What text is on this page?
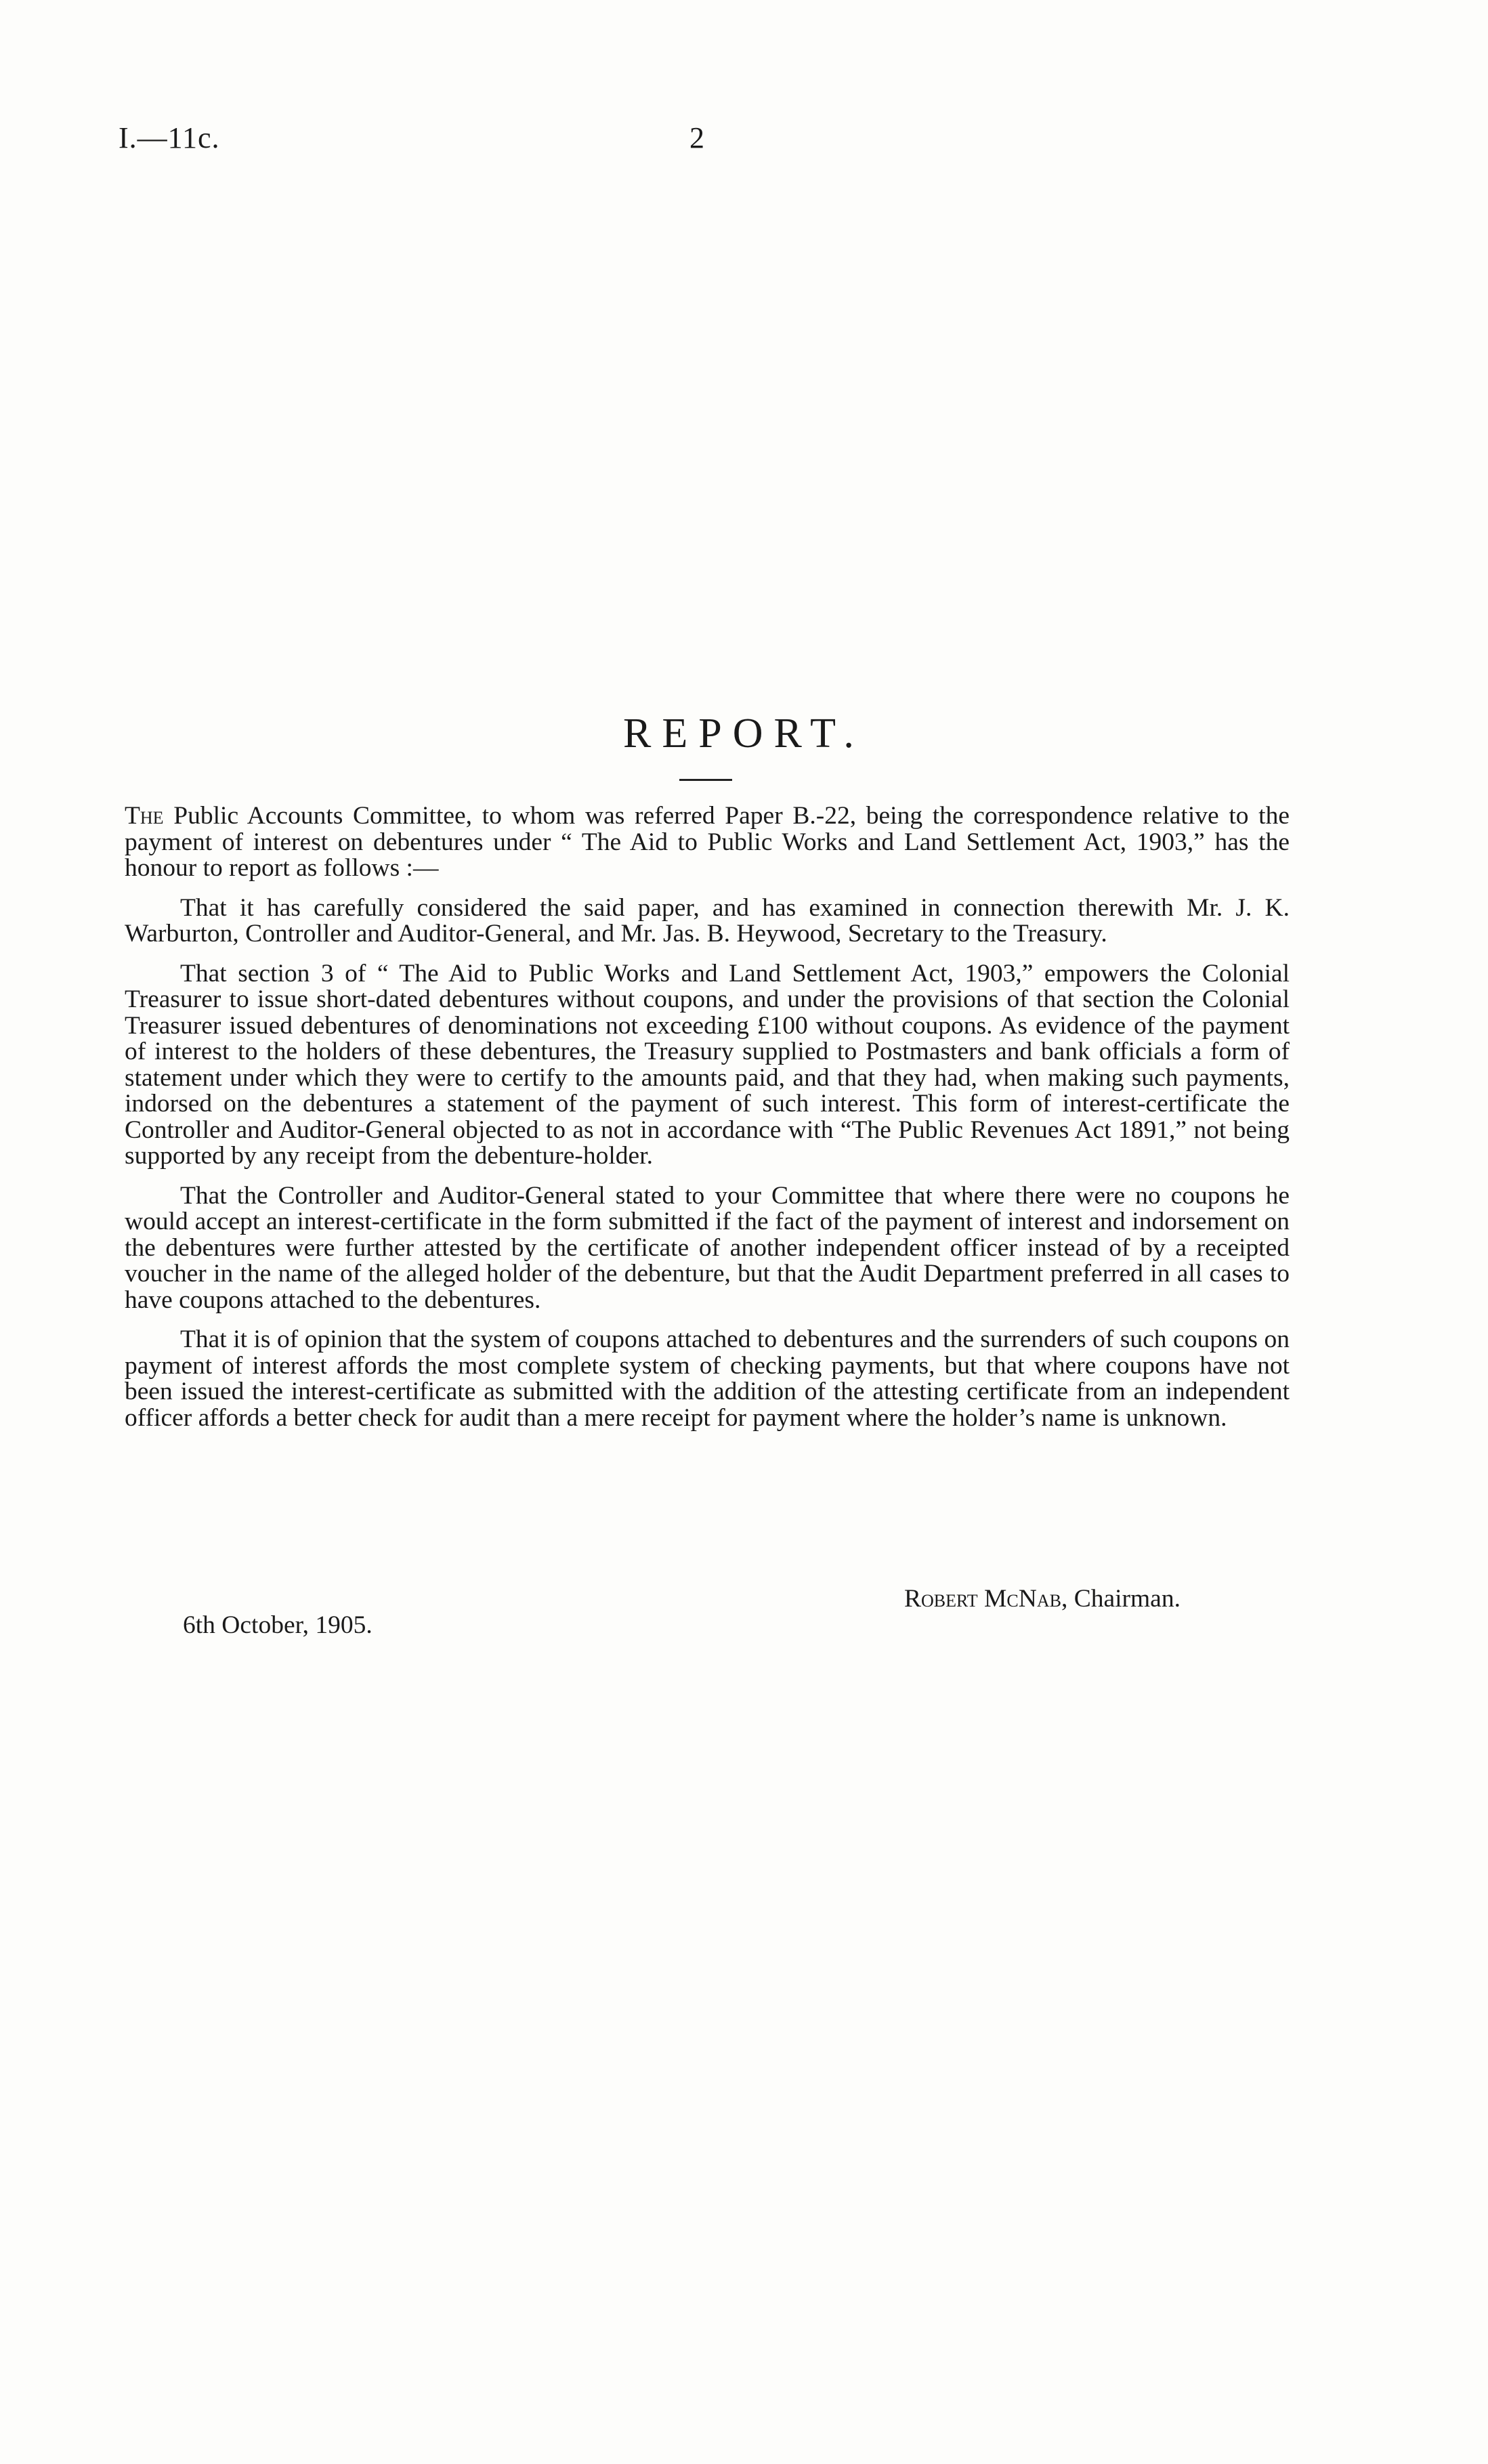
I.—11c.	2
REPORT.

The Public Accounts Committee, to whom was referred Paper B.-22, being the correspondence relative to the payment of interest on debentures under “ The Aid to Public Works and Land Settlement Act, 1903,” has the honour to report as follows :—

That it has carefully considered the said paper, and has examined in connection therewith Mr. J. K. Warburton, Controller and Auditor-General, and Mr. Jas. B. Heywood, Secretary to the Treasury.

That section 3 of “ The Aid to Public Works and Land Settlement Act, 1903,” empowers the Colonial Treasurer to issue short-dated debentures without coupons, and under the provisions of that section the Colonial Treasurer issued debentures of denominations not exceeding £100 without coupons. As evidence of the payment of interest to the holders of these debentures, the Treasury supplied to Postmasters and bank officials a form of statement under which they were to certify to the amounts paid, and that they had, when making such payments, indorsed on the debentures a statement of the payment of such interest. This form of interest-certificate the Controller and Auditor-General objected to as not in accordance with “The Public Revenues Act 1891,” not being supported by any receipt from the debenture-holder.

That the Controller and Auditor-General stated to your Committee that where there were no coupons he would accept an interest-certificate in the form submitted if the fact of the payment of interest and indorsement on the debentures were further attested by the certificate of another independent officer instead of by a receipted voucher in the name of the alleged holder of the debenture, but that the Audit Department preferred in all cases to have coupons attached to the debentures.

That it is of opinion that the system of coupons attached to debentures and the surrenders of such coupons on payment of interest affords the most complete system of checking payments, but that where coupons have not been issued the interest-certificate as submitted with the addition of the attesting certificate from an independent officer affords a better check for audit than a mere receipt for payment where the holder’s name is unknown.

Robert McNab, Chairman.
6th October, 1905.
